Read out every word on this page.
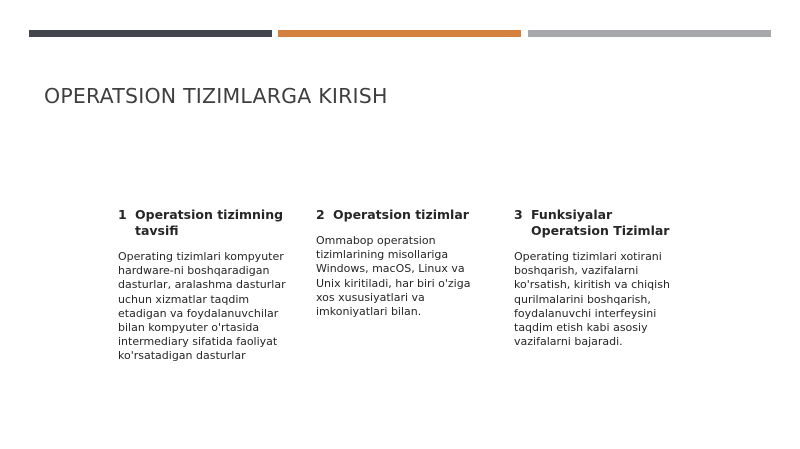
OPERATSION TIZIMLARGA KIRISH
1 Operatsion tizimning tavsifi
Operating tizimlari kompyuter hardware-ni boshqaradigan dasturlar, aralashma dasturlar uchun xizmatlar taqdim etadigan va foydalanuvchilar bilan kompyuter o'rtasida intermediary sifatida faoliyat ko'rsatadigan dasturlar
2 Operatsion tizimlar
Ommabop operatsion tizimlarining misollariga Windows, macOS, Linux va Unix kiritiladi, har biri o'ziga xos xususiyatlari va imkoniyatlari bilan.
3 Funksiyalar Operatsion Tizimlar
Operating tizimlari xotirani boshqarish, vazifalarni ko'rsatish, kiritish va chiqish qurilmalarini boshqarish, foydalanuvchi interfeysini taqdim etish kabi asosiy vazifalarni bajaradi.
